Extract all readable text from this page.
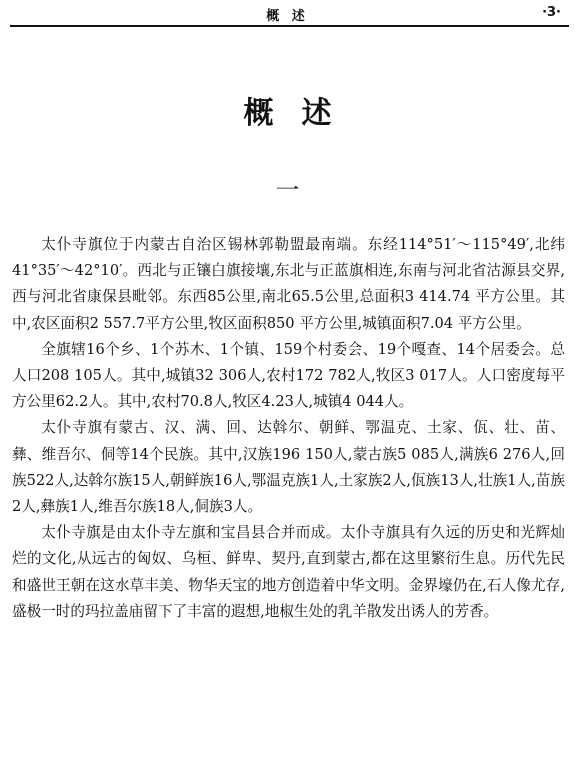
概 述	·3·
概述
一

太仆寺旗位于内蒙古自治区锡林郭勒盟最南端。东经114°51′～115°49′,北纬41°35′～42°10′。西北与正镶白旗接壤,东北与正蓝旗相连,东南与河北省沽源县交界,西与河北省康保县毗邻。东西85公里,南北65.5公里,总面积3 414.74 平方公里。其中,农区面积2 557.7平方公里,牧区面积850 平方公里,城镇面积7.04 平方公里。

全旗辖16个乡、1个苏木、1个镇、159个村委会、19个嘎查、14个居委会。总人口208 105人。其中,城镇32 306人,农村172 782人,牧区3 017人。人口密度每平方公里62.2人。其中,农村70.8人,牧区4.23人,城镇4 044人。

太仆寺旗有蒙古、汉、满、回、达斡尔、朝鲜、鄂温克、土家、佤、壮、苗、彝、维吾尔、侗等14个民族。其中,汉族196 150人,蒙古族5 085人,满族6 276人,回族522人,达斡尔族15人,朝鲜族16人,鄂温克族1人,土家族2人,佤族13人,壮族1人,苗族2人,彝族1人,维吾尔族18人,侗族3人。

太仆寺旗是由太仆寺左旗和宝昌县合并而成。太仆寺旗具有久远的历史和光辉灿烂的文化,从远古的匈奴、乌桓、鲜卑、契丹,直到蒙古,都在这里繁衍生息。历代先民和盛世王朝在这水草丰美、物华天宝的地方创造着中华文明。金界壕仍在,石人像尤存,盛极一时的玛拉盖庙留下了丰富的遐想,地椒生处的乳羊散发出诱人的芳香。
